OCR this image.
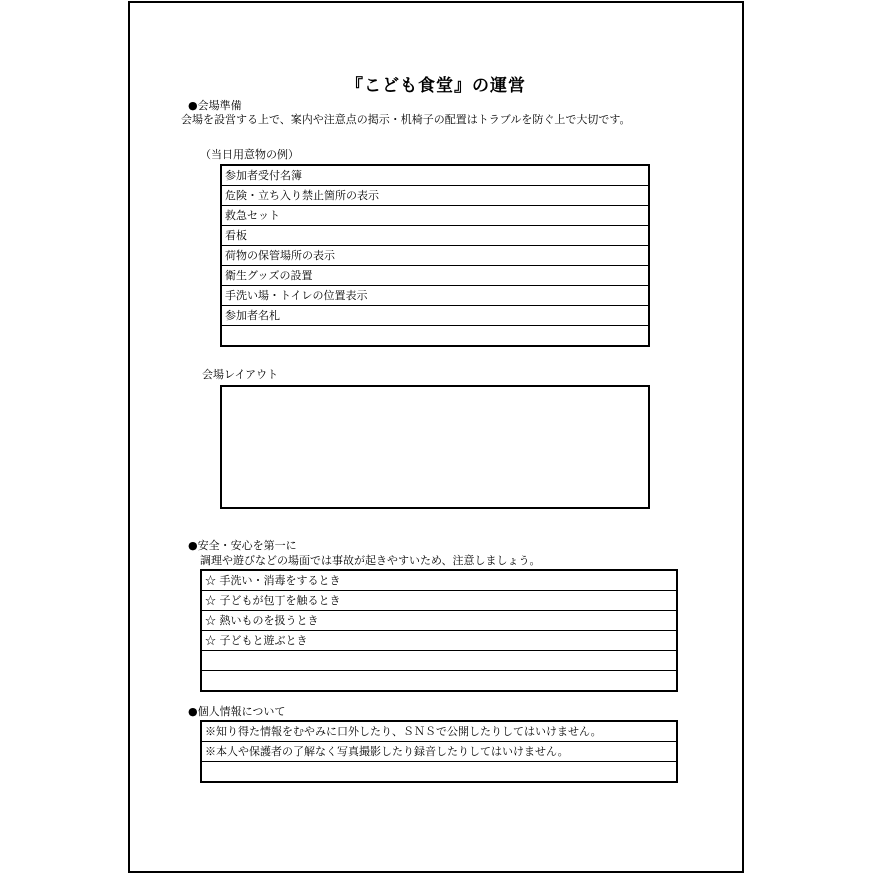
『こども食堂』の運営
●会場準備
　会場を設営する上で、案内や注意点の掲示・机椅子の配置はトラブルを防ぐ上で大切です。
（当日用意物の例）
参加者受付名簿
危険・立ち入り禁止箇所の表示
救急セット
看板
荷物の保管場所の表示
衛生グッズの設置
手洗い場・トイレの位置表示
参加者名札

会場レイアウト
●安全・安心を第一に
調理や遊びなどの場面では事故が起きやすいため、注意しましょう。
☆ 手洗い・消毒をするとき
☆ 子どもが包丁を触るとき
☆ 熱いものを扱うとき
☆ 子どもと遊ぶとき

●個人情報について
※知り得た情報をむやみに口外したり、ＳＮＳで公開したりしてはいけません。
※本人や保護者の了解なく写真撮影したり録音したりしてはいけません。
